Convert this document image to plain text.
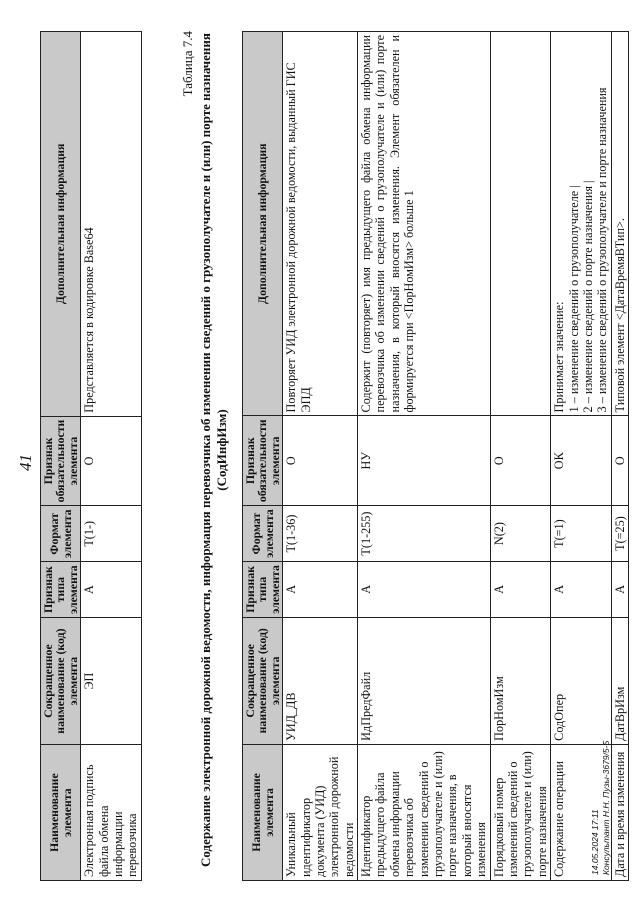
41
Наименование элемента	Сокращенное наименование (код) элемента	Признак типа элемента	Формат элемента	Признак обязательности элемента	Дополнительная информация
Электронная подпись файла обмена информации перевозчика	ЭП	А	T(1-)	О	Представляется в кодировке Base64
Таблица 7.4 Содержание электронной дорожной ведомости, информация перевозчика об изменении сведений о грузополучателе и (или) порте назначения (СодИнфИзм)
Наименование элемента	Сокращенное наименование (код) элемента	Признак типа элемента	Формат элемента	Признак обязательности элемента	Дополнительная информация
Уникальный идентификатор документа (УИД) электронной дорожной ведомости	УИД_ДВ	А	T(1-36)	О	Повторяет УИД электронной дорожной ведомости, выданный ГИС ЭПД
Идентификатор предыдущего файла обмена информации перевозчика об изменении сведений о грузополучателе и (или) порте назначения, в который вносятся изменения	ИдПредФайл	А	T(1-255)	НУ	Содержит (повторяет) имя предыдущего файла обмена информации перевозчика об изменении сведений о грузополучателе и (или) порте назначения, в который вносятся изменения. Элемент обязателен и формируется при <ПорНомИзм> больше 1
Порядковый номер изменений сведений о грузополучателе и (или) порте назначения	ПорНомИзм	А	N(2)	О	
Содержание операции	СодОпер	А	T(=1)	ОК	Принимает значение: 1 – изменение сведений о грузополучателе | 2 – изменение сведений о порте назначения | 3 – изменение сведений о грузополучателе и порте назначения

Дата и время изменения	ДатВрИзм	А	T(=25)	О	Типовой элемент <ДатаВремяВТип>.
14.05.2024 17:11 Консультант Н.Н. Пузы-3679/5-5
